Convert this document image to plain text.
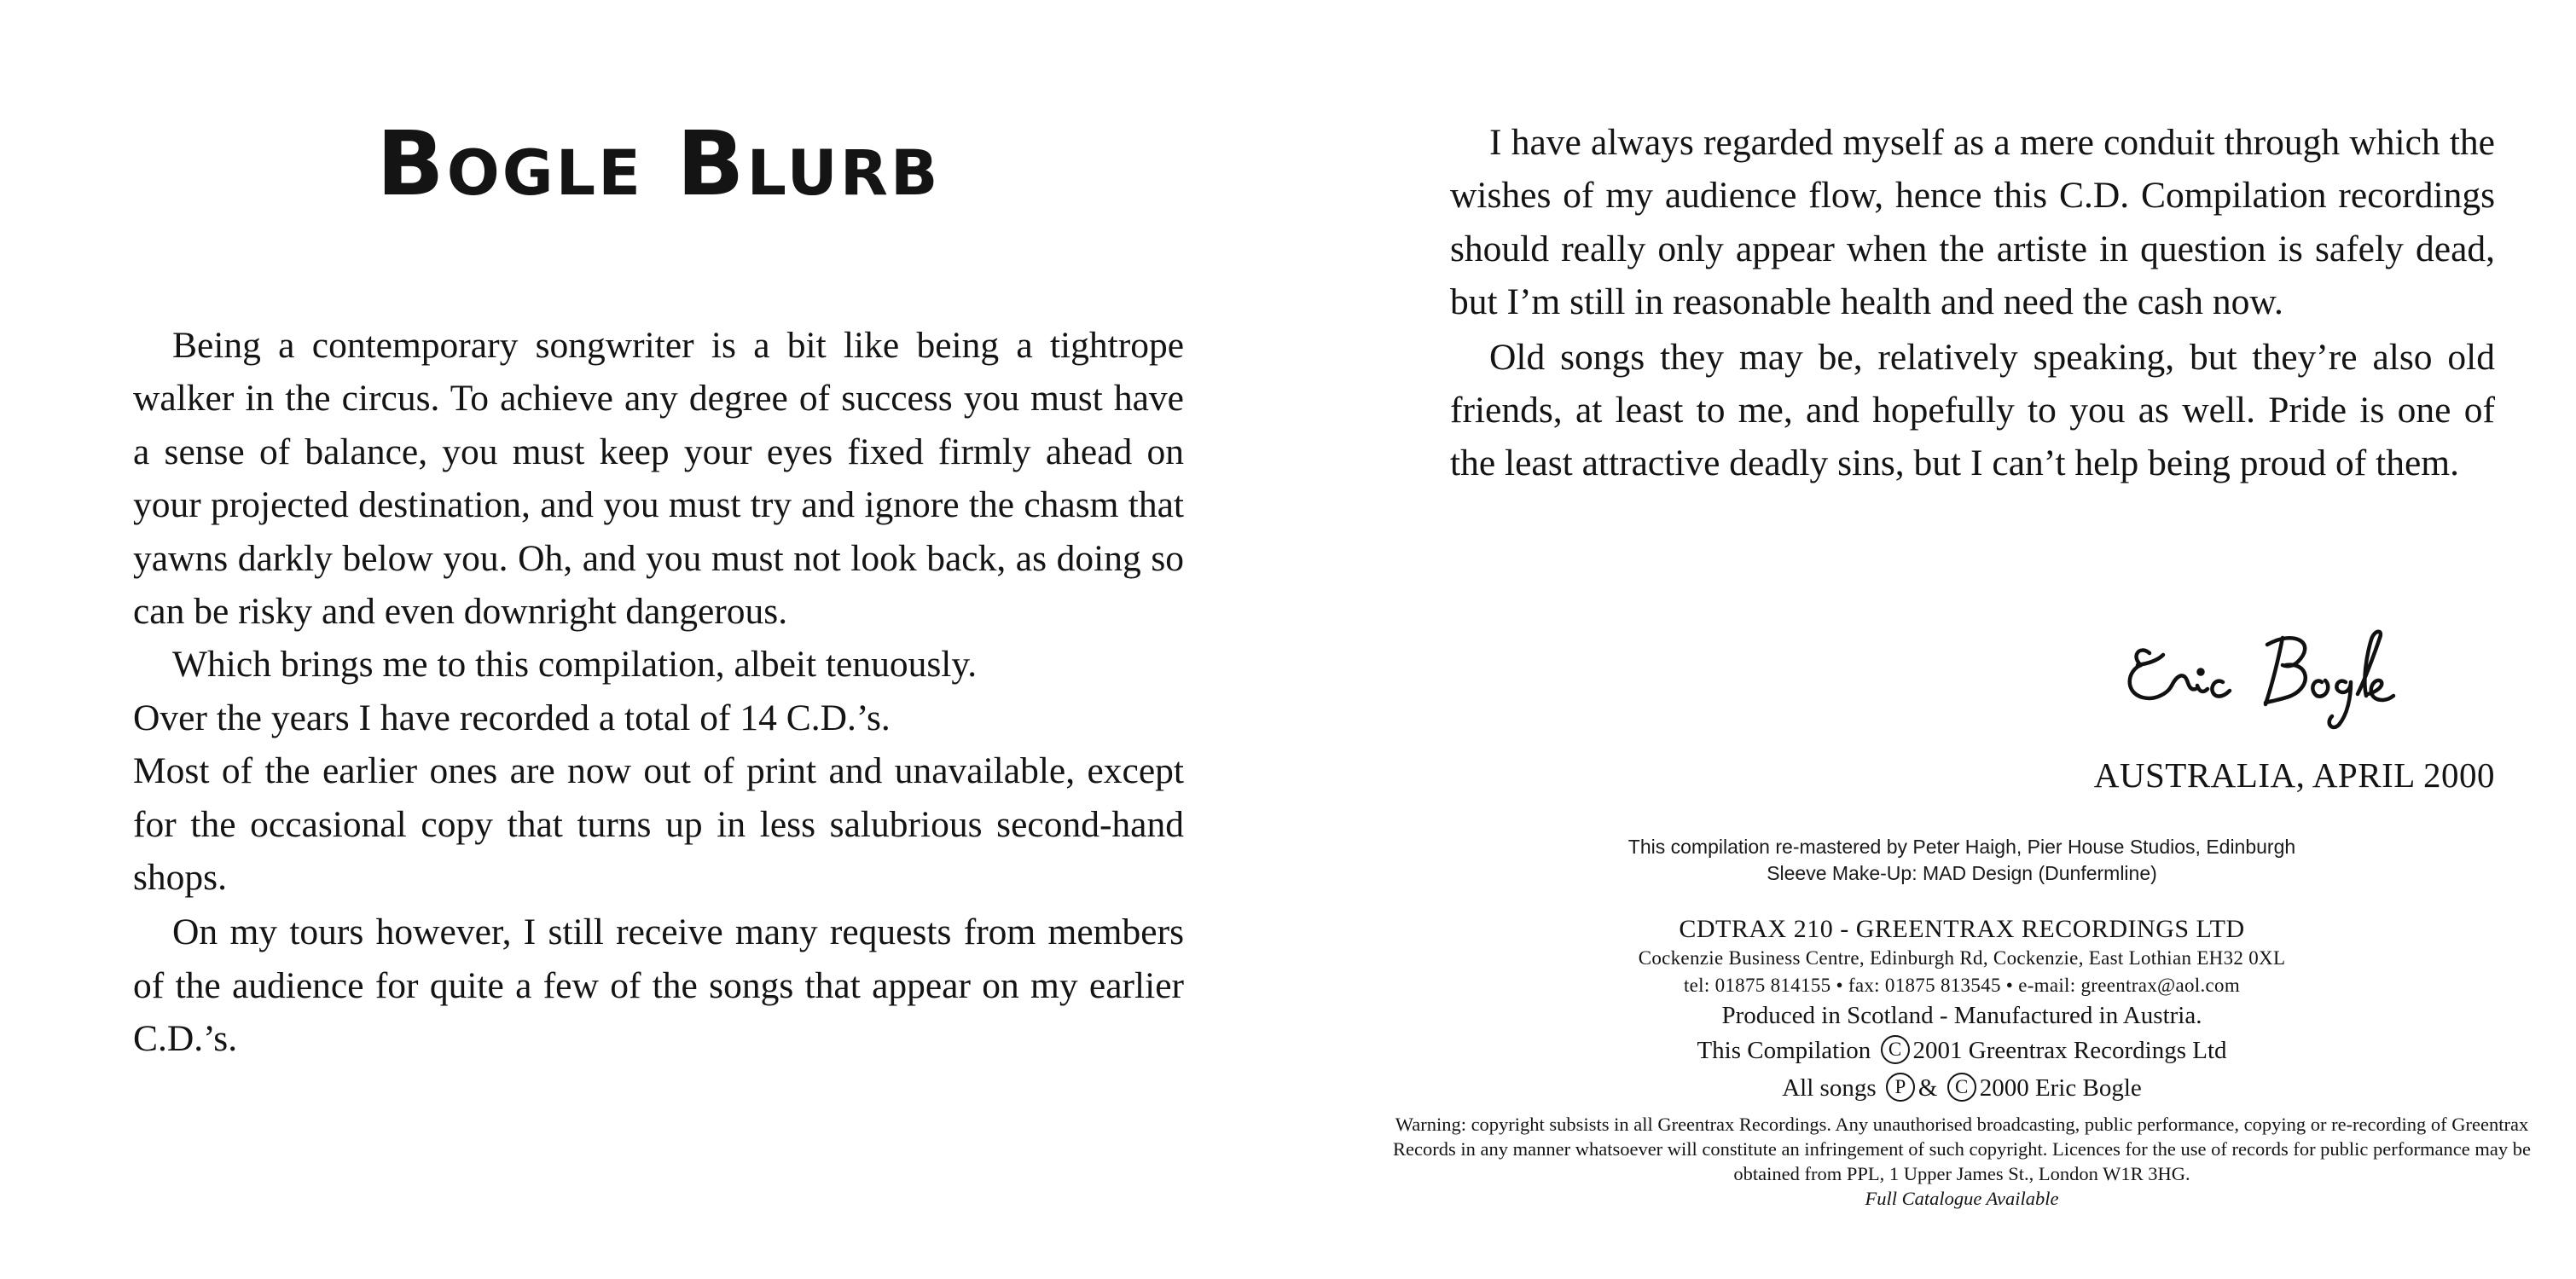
Bogle Blurb

Being a contemporary songwriter is a bit like being a tightrope walker in the circus. To achieve any degree of success you must have a sense of balance, you must keep your eyes fixed firmly ahead on your projected destination, and you must try and ignore the chasm that yawns darkly below you. Oh, and you must not look back, as doing so can be risky and even downright dangerous.

Which brings me to this compilation, albeit tenuously.

Over the years I have recorded a total of 14 C.D.’s.

Most of the earlier ones are now out of print and unavailable, except for the occasional copy that turns up in less salubrious second-hand shops.

On my tours however, I still receive many requests from members of the audience for quite a few of the songs that appear on my earlier C.D.’s.

I have always regarded myself as a mere conduit through which the wishes of my audience flow, hence this C.D. Compilation recordings should really only appear when the artiste in question is safely dead, but I’m still in reasonable health and need the cash now.

Old songs they may be, relatively speaking, but they’re also old friends, at least to me, and hopefully to you as well. Pride is one of the least attractive deadly sins, but I can’t help being proud of them.

AUSTRALIA, APRIL 2000
This compilation re-mastered by Peter Haigh, Pier House Studios, Edinburgh
Sleeve Make-Up: MAD Design (Dunfermline)
CDTRAX 210 - GREENTRAX RECORDINGS LTD
Cockenzie Business Centre, Edinburgh Rd, Cockenzie, East Lothian EH32 0XL
tel: 01875 814155 • fax: 01875 813545 • e-mail: greentrax@aol.com
Produced in Scotland - Manufactured in Austria.
This Compilation C 2001 Greentrax Recordings Ltd
All songs P & C 2000 Eric Bogle
Warning: copyright subsists in all Greentrax Recordings. Any unauthorised broadcasting, public performance, copying or re-recording of Greentrax Records in any manner whatsoever will constitute an infringement of such copyright. Licences for the use of records for public performance may be obtained from PPL, 1 Upper James St., London W1R 3HG.
Full Catalogue Available
